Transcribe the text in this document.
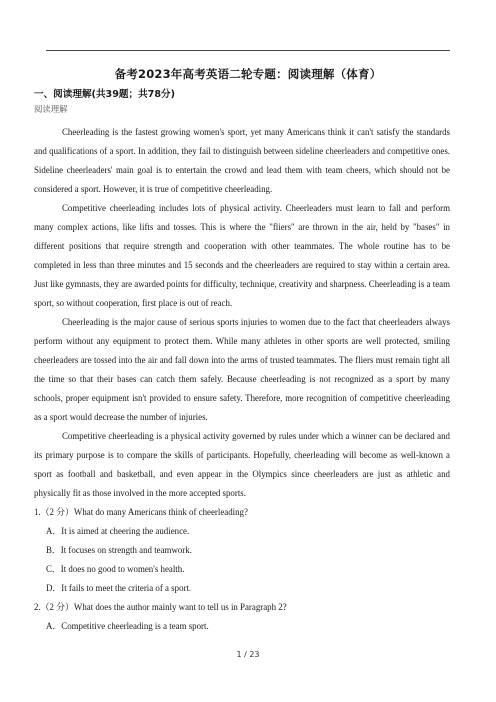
备考2023年高考英语二轮专题：阅读理解（体育）
一、阅读理解(共39题；共78分)
阅读理解

Cheerleading is the fastest growing women's sport, yet many Americans think it can't satisfy the standards and qualifications of a sport. In addition, they fail to distinguish between sideline cheerleaders and competitive ones. Sideline cheerleaders' main goal is to entertain the crowd and lead them with team cheers, which should not be considered a sport. However, it is true of competitive cheerleading.

Competitive cheerleading includes lots of physical activity. Cheerleaders must learn to fall and perform many complex actions, like lifts and tosses. This is where the "fliers" are thrown in the air, held by "bases" in different positions that require strength and cooperation with other teammates. The whole routine has to be completed in less than three minutes and 15 seconds and the cheerleaders are required to stay within a certain area. Just like gymnasts, they are awarded points for difficulty, technique, creativity and sharpness. Cheerleading is a team sport, so without cooperation, first place is out of reach.

Cheerleading is the major cause of serious sports injuries to women due to the fact that cheerleaders always perform without any equipment to protect them. While many athletes in other sports are well protected, smiling cheerleaders are tossed into the air and fall down into the arms of trusted teammates. The fliers must remain tight all the time so that their bases can catch them safely. Because cheerleading is not recognized as a sport by many schools, proper equipment isn't provided to ensure safety. Therefore, more recognition of competitive cheerleading as a sport would decrease the number of injuries.

Competitive cheerleading is a physical activity governed by rules under which a winner can be declared and its primary purpose is to compare the skills of participants. Hopefully, cheerleading will become as well-known a sport as football and basketball, and even appear in the Olympics since cheerleaders are just as athletic and physically fit as those involved in the more accepted sports.

1.（2 分）What do many Americans think of cheerleading?

A．It is aimed at cheering the audience.

B．It focuses on strength and teamwork.

C．It does no good to women's health.

D．It fails to meet the criteria of a sport.

2.（2 分）What does the author mainly want to tell us in Paragraph 2?

A．Competitive cheerleading is a team sport.

1 / 23
